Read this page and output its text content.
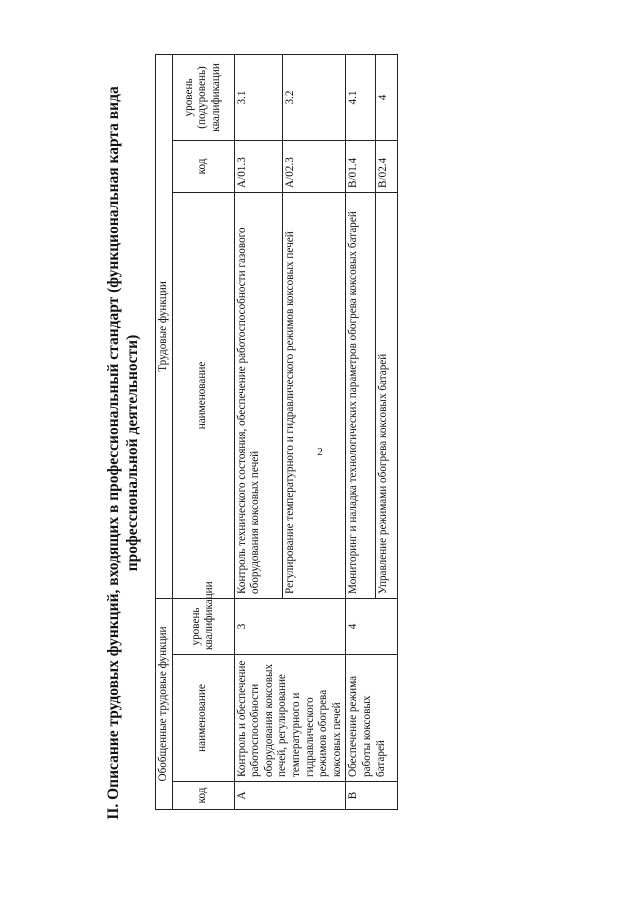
2
II. Описание трудовых функций, входящих в профессиональный стандарт (функциональная карта вида профессиональной деятельности)
Обобщенные трудовые функции			Трудовые функции		
код	наименование	уровень квалификации	наименование	код	уровень (подуровень) квалификации
A	Контроль и обеспечение работоспособности оборудования коксовых печей, регулирование температурного и гидравлического режимов обогрева коксовых печей	3	Контроль технического состояния, обеспечение работоспособности газового оборудования коксовых печей	A/01.3	3.1
			Регулирование температурного и гидравлического режимов коксовых печей	A/02.3	3.2
B	Обеспечение режима работы коксовых батарей	4	Мониторинг и наладка технологических параметров обогрева коксовых батарей	B/01.4	4.1
			Управление режимами обогрева коксовых батарей	B/02.4	4
